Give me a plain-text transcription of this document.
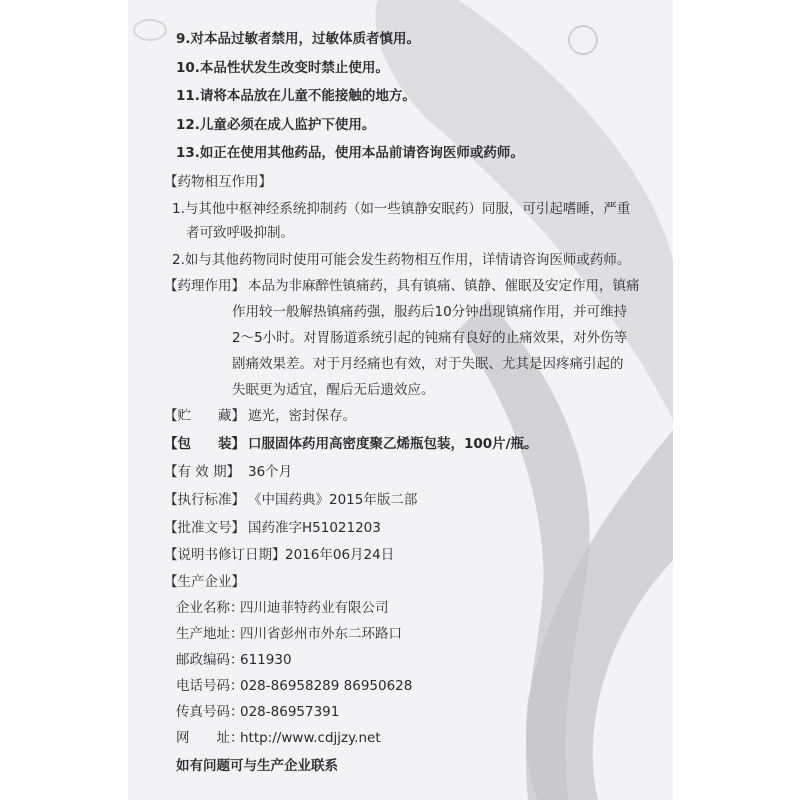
9.对本品过敏者禁用，过敏体质者慎用。
10.本品性状发生改变时禁止使用。
11.请将本品放在儿童不能接触的地方。
12.儿童必须在成人监护下使用。
13.如正在使用其他药品，使用本品前请咨询医师或药师。
【药物相互作用】
1.与其他中枢神经系统抑制药（如一些镇静安眠药）同服，可引起嗜睡，严重
者可致呼吸抑制。
2.如与其他药物同时使用可能会发生药物相互作用，详情请咨询医师或药师。
【药理作用】 本品为非麻醉性镇痛药，具有镇痛、镇静、催眠及安定作用，镇痛
作用较一般解热镇痛药强，服药后10分钟出现镇痛作用，并可维持
2～5小时。对胃肠道系统引起的钝痛有良好的止痛效果，对外伤等
剧痛效果差。对于月经痛也有效，对于失眠、尤其是因疼痛引起的
失眠更为适宜，醒后无后遗效应。
【贮　　藏】 遮光，密封保存。
【包　　装】 口服固体药用高密度聚乙烯瓶包装，100片/瓶。
【有 效 期】 36个月
【执行标准】 《中国药典》2015年版二部
【批准文号】 国药准字H51021203
【说明书修订日期】 2016年06月24日
【生产企业】
企业名称：四川迪菲特药业有限公司
生产地址：四川省彭州市外东二环路口
邮政编码：611930
电话号码：028-86958289 86950628
传真号码：028-86957391
网　　址：http://www.cdjjzy.net
如有问题可与生产企业联系
